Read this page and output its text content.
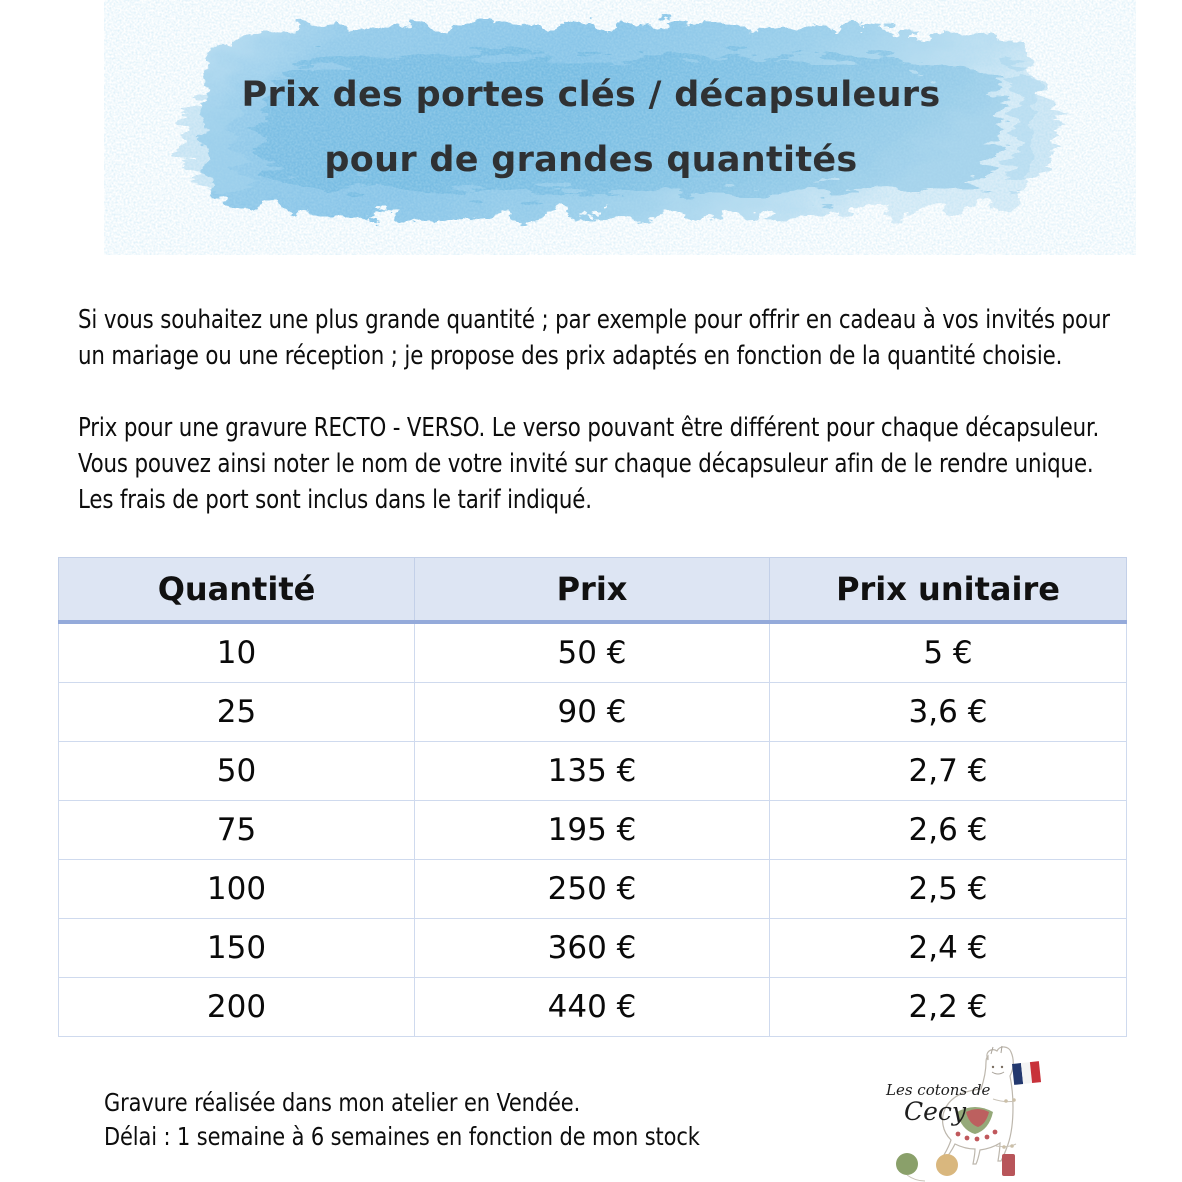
Prix des portes clés / décapsuleurs
pour de grandes quantités

Si vous souhaitez une plus grande quantité ; par exemple pour offrir en cadeau à vos invités pour un mariage ou une réception ; je propose des prix adaptés en fonction de la quantité choisie.

Prix pour une gravure RECTO - VERSO. Le verso pouvant être différent pour chaque décapsuleur. Vous pouvez ainsi noter le nom de votre invité sur chaque décapsuleur afin de le rendre unique. Les frais de port sont inclus dans le tarif indiqué.

Quantité	Prix	Prix unitaire
10	50 €	5 €
25	90 €	3,6 €
50	135 €	2,7 €
75	195 €	2,6 €
100	250 €	2,5 €
150	360 €	2,4 €
200	440 €	2,2 €
Gravure réalisée dans mon atelier en Vendée.
Délai : 1 semaine à 6 semaines en fonction de mon stock
Les cotons de
Cecy
